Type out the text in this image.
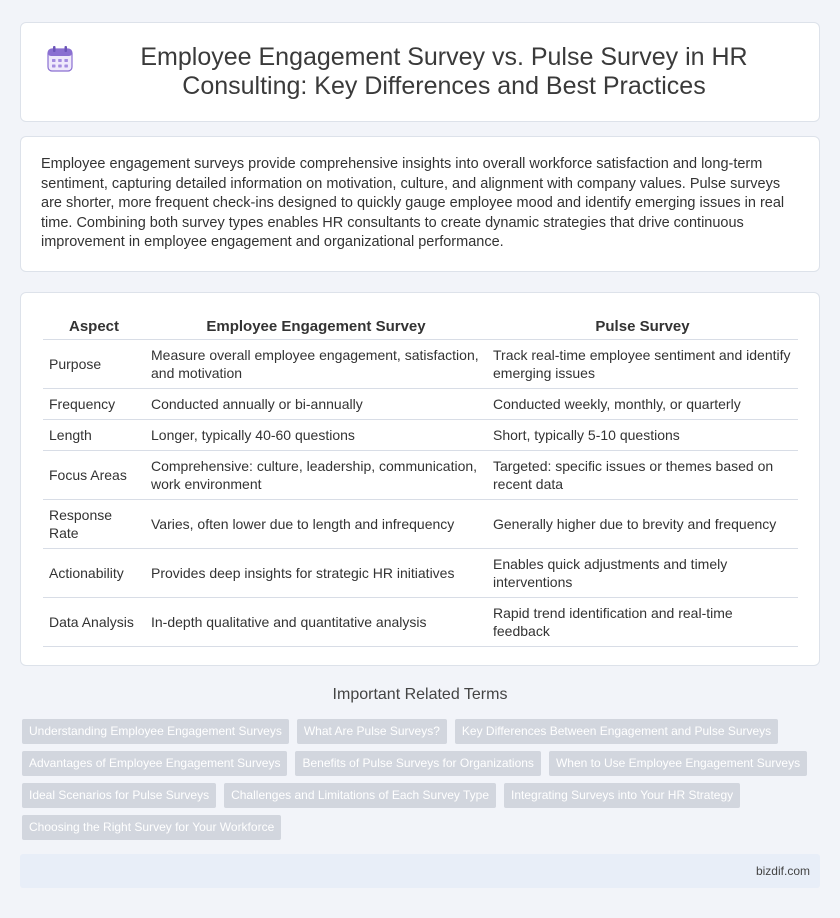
Employee Engagement Survey vs. Pulse Survey in HR Consulting: Key Differences and Best Practices

Employee engagement surveys provide comprehensive insights into overall workforce satisfaction and long-term sentiment, capturing detailed information on motivation, culture, and alignment with company values. Pulse surveys are shorter, more frequent check-ins designed to quickly gauge employee mood and identify emerging issues in real time. Combining both survey types enables HR consultants to create dynamic strategies that drive continuous improvement in employee engagement and organizational performance.

Aspect	Employee Engagement Survey	Pulse Survey
Purpose	Measure overall employee engagement, satisfaction, and motivation	Track real-time employee sentiment and identify emerging issues
Frequency	Conducted annually or bi-annually	Conducted weekly, monthly, or quarterly
Length	Longer, typically 40-60 questions	Short, typically 5-10 questions
Focus Areas	Comprehensive: culture, leadership, communication, work environment	Targeted: specific issues or themes based on recent data
Response Rate	Varies, often lower due to length and infrequency	Generally higher due to brevity and frequency
Actionability	Provides deep insights for strategic HR initiatives	Enables quick adjustments and timely interventions
Data Analysis	In-depth qualitative and quantitative analysis	Rapid trend identification and real-time feedback
Important Related Terms
Understanding Employee Engagement Surveys	What Are Pulse Surveys?	Key Differences Between Engagement and Pulse Surveys
Advantages of Employee Engagement Surveys	Benefits of Pulse Surveys for Organizations	When to Use Employee Engagement Surveys
Ideal Scenarios for Pulse Surveys	Challenges and Limitations of Each Survey Type	Integrating Surveys into Your HR Strategy
Choosing the Right Survey for Your Workforce
bizdif.com
